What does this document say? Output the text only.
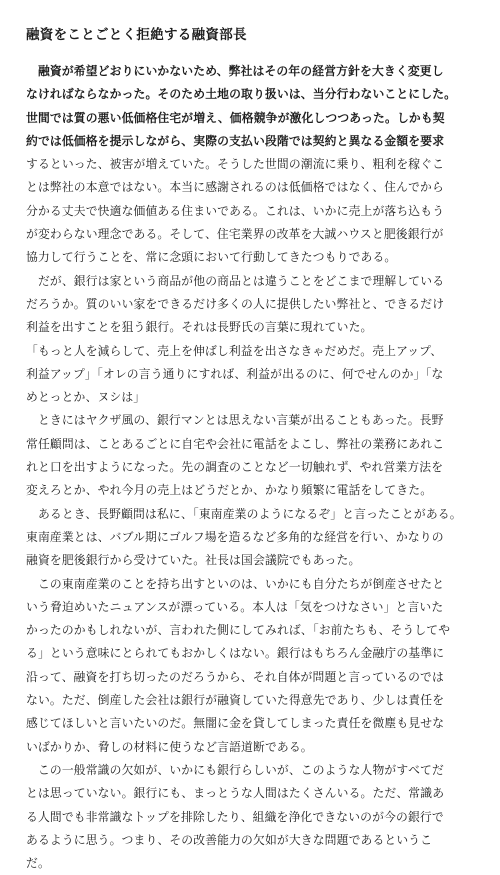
融資をことごとく拒絶する融資部長
　融資が希望どおりにいかないため、弊社はその年の経営方針を大きく変更し
なければならなかった。そのため土地の取り扱いは、当分行わないことにした。
世間では質の悪い低価格住宅が増え、価格競争が激化しつつあった。しかも契
約では低価格を提示しながら、実際の支払い段階では契約と異なる金額を要求
するといった、被害が増えていた。そうした世間の潮流に乗り、粗利を稼ぐこ
とは弊社の本意ではない。本当に感謝されるのは低価格ではなく、住んでから
分かる丈夫で快適な価値ある住まいである。これは、いかに売上が落ち込もう
が変わらない理念である。そして、住宅業界の改革を大誠ハウスと肥後銀行が
協力して行うことを、常に念頭において行動してきたつもりである。
　だが、銀行は家という商品が他の商品とは違うことをどこまで理解している
だろうか。質のいい家をできるだけ多くの人に提供したい弊社と、できるだけ
利益を出すことを狙う銀行。それは長野氏の言葉に現れていた。
「もっと人を減らして、売上を伸ばし利益を出さなきゃだめだ。売上アップ、
利益アップ」「オレの言う通りにすれば、利益が出るのに、何でせんのか」「な
めとっとか、ヌシは」
　ときにはヤクザ風の、銀行マンとは思えない言葉が出ることもあった。長野
常任顧問は、ことあるごとに自宅や会社に電話をよこし、弊社の業務にあれこ
れと口を出すようになった。先の調査のことなど一切触れず、やれ営業方法を
変えろとか、やれ今月の売上はどうだとか、かなり頻繁に電話をしてきた。
　あるとき、長野顧問は私に、「東南産業のようになるぞ」と言ったことがある。
東南産業とは、バブル期にゴルフ場を造るなど多角的な経営を行い、かなりの
融資を肥後銀行から受けていた。社長は国会議院でもあった。
　この東南産業のことを持ち出すといのは、いかにも自分たちが倒産させたと
いう脅迫めいたニュアンスが漂っている。本人は「気をつけなさい」と言いた
かったのかもしれないが、言われた側にしてみれば、「お前たちも、そうしてや
る」という意味にとられてもおかしくはない。銀行はもちろん金融庁の基準に
沿って、融資を打ち切ったのだろうから、それ自体が問題と言っているのでは
ない。ただ、倒産した会社は銀行が融資していた得意先であり、少しは責任を
感じてほしいと言いたいのだ。無闇に金を貸してしまった責任を微塵も見せな
いばかりか、脅しの材料に使うなど言語道断である。
　この一般常識の欠如が、いかにも銀行らしいが、このような人物がすべてだ
とは思っていない。銀行にも、まっとうな人間はたくさんいる。ただ、常識あ
る人間でも非常識なトップを排除したり、組織を浄化できないのが今の銀行で
あるように思う。つまり、その改善能力の欠如が大きな問題であるというこ
だ。
